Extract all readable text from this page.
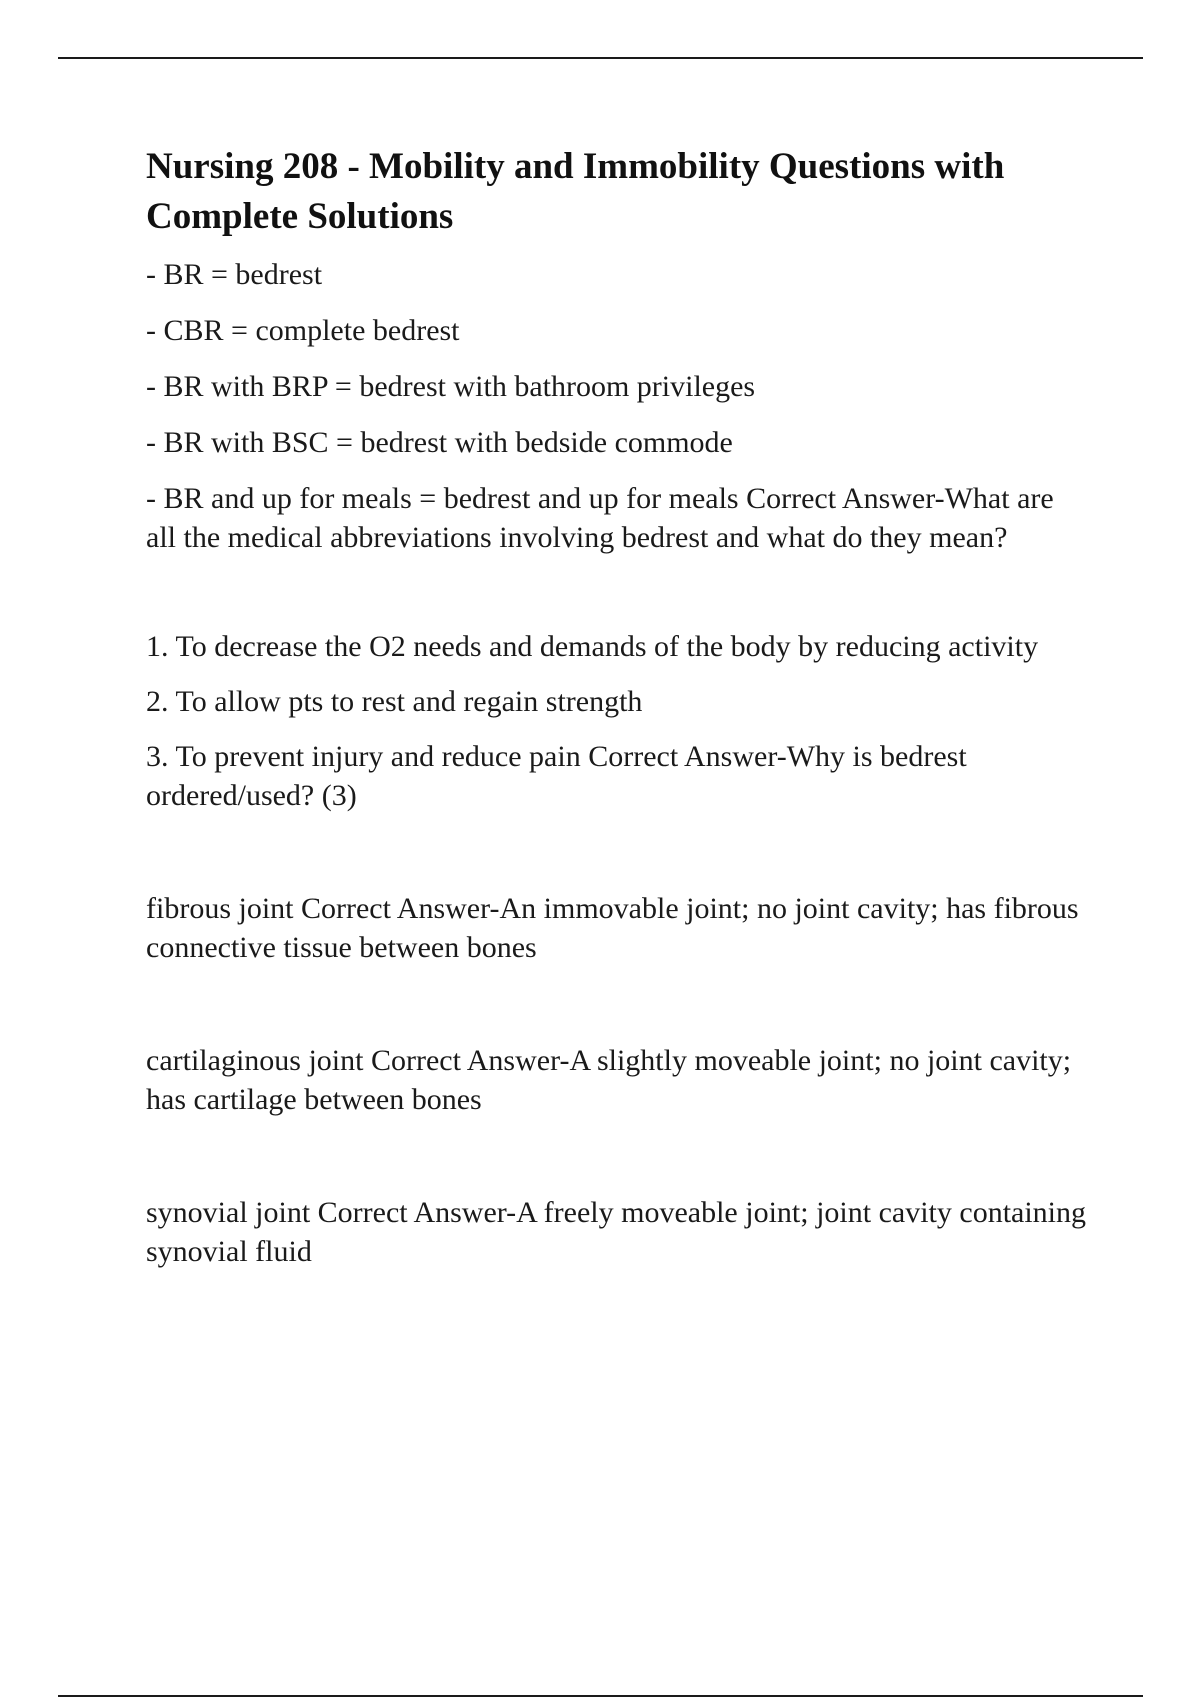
Nursing 208 - Mobility and Immobility Questions with Complete Solutions

- BR = bedrest

- CBR = complete bedrest

- BR with BRP = bedrest with bathroom privileges

- BR with BSC = bedrest with bedside commode

- BR and up for meals = bedrest and up for meals Correct Answer-What are all the medical abbreviations involving bedrest and what do they mean?

1. To decrease the O2 needs and demands of the body by reducing activity

2. To allow pts to rest and regain strength

3. To prevent injury and reduce pain Correct Answer-Why is bedrest ordered/used? (3)

fibrous joint Correct Answer-An immovable joint; no joint cavity; has fibrous connective tissue between bones

cartilaginous joint Correct Answer-A slightly moveable joint; no joint cavity; has cartilage between bones

synovial joint Correct Answer-A freely moveable joint; joint cavity containing synovial fluid
